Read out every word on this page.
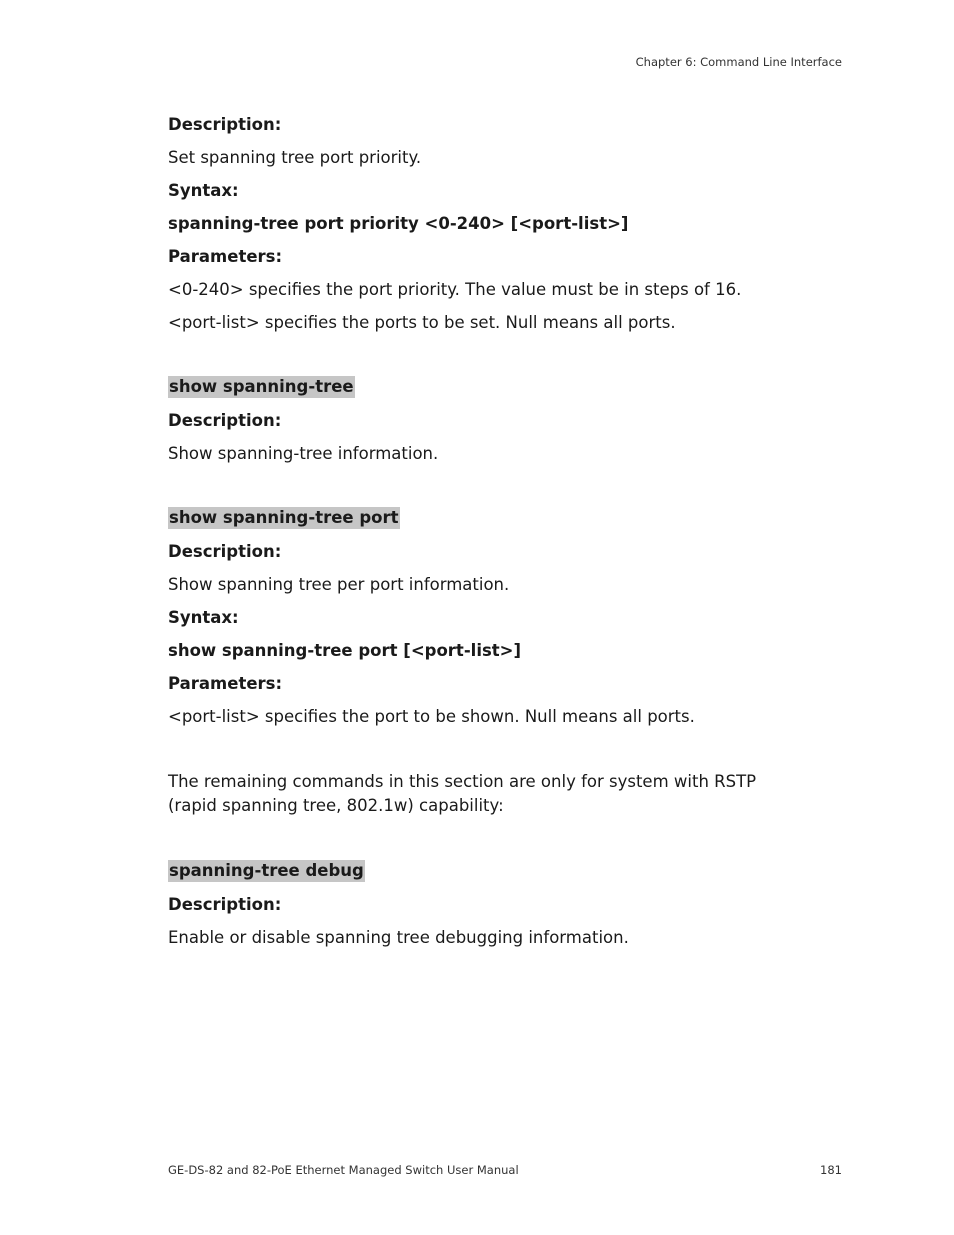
Chapter 6: Command Line Interface
Description:
Set spanning tree port priority.
Syntax:
spanning-tree port priority <0-240> [<port-list>]
Parameters:
<0-240> specifies the port priority. The value must be in steps of 16.
<port-list> specifies the ports to be set. Null means all ports.
show spanning-tree
Description:
Show spanning-tree information.
show spanning-tree port
Description:
Show spanning tree per port information.
Syntax:
show spanning-tree port [<port-list>]
Parameters:
<port-list> specifies the port to be shown. Null means all ports.
The remaining commands in this section are only for system with RSTP (rapid spanning tree, 802.1w) capability:
spanning-tree debug
Description:
Enable or disable spanning tree debugging information.
GE-DS-82 and 82-PoE Ethernet Managed Switch User Manual	181
